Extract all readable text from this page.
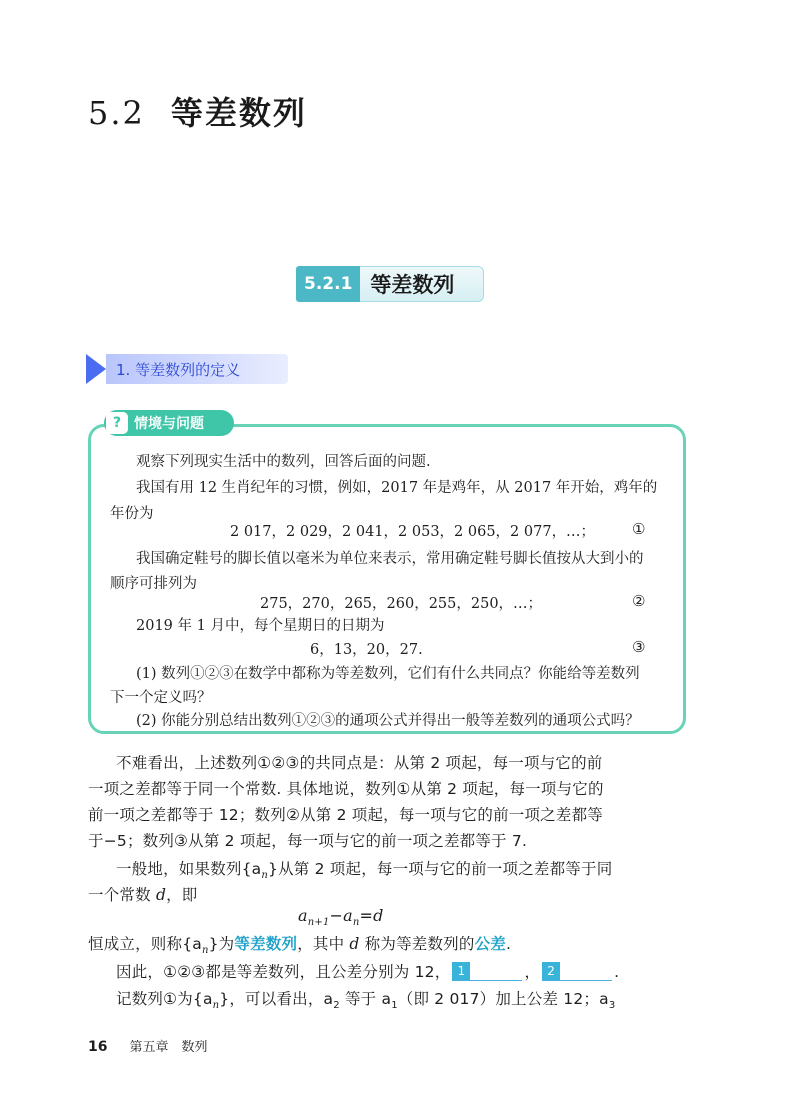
5.2 等差数列
5.2.1 等差数列
1. 等差数列的定义
? 情境与问题
观察下列现实生活中的数列，回答后面的问题.
我国有用 12 生肖纪年的习惯，例如，2017 年是鸡年，从 2017 年开始，鸡年的
年份为
2 017，2 029，2 041，2 053，2 065，2 077，…； ①
我国确定鞋号的脚长值以毫米为单位来表示，常用确定鞋号脚长值按从大到小的
顺序可排列为
275，270，265，260，255，250，…；	②
2019 年 1 月中，每个星期日的日期为
6，13，20，27.	③
(1) 数列①②③在数学中都称为等差数列，它们有什么共同点？你能给等差数列
下一个定义吗？
(2) 你能分别总结出数列①②③的通项公式并得出一般等差数列的通项公式吗？
不难看出，上述数列①②③的共同点是：从第 2 项起，每一项与它的前
一项之差都等于同一个常数. 具体地说，数列①从第 2 项起，每一项与它的
前一项之差都等于 12；数列②从第 2 项起，每一项与它的前一项之差都等
于−5；数列③从第 2 项起，每一项与它的前一项之差都等于 7.
一般地，如果数列$\{a_n\}$从第 2 项起，每一项与它的前一项之差都等于同
一个常数 d，即
$a_{n+1}-a_n=d$
恒成立，则称$\{a_n\}$为等差数列，其中 d 称为等差数列的公差.
因此，①②③都是等差数列，且公差分别为 12， 1	， 2	.
记数列①为$\{a_n\}$，可以看出，$a_2$ 等于 $a_1$（即 2 017）加上公差 12；$a_3$
16 第五章　数列
